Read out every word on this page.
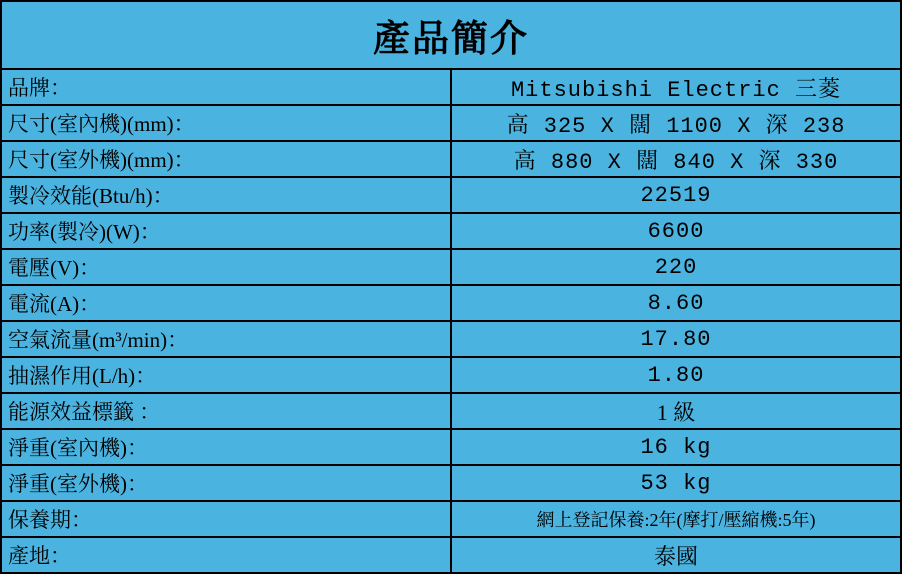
產品簡介	
品牌：	Mitsubishi Electric 三菱
尺寸(室內機)(mm)：	高 325 X 闊 1100 X 深 238
尺寸(室外機)(mm)：	高 880 X 闊 840 X 深 330
製冷效能(Btu/h)：	22519
功率(製冷)(W)：	6600
電壓(V)：	220
電流(A)：	8.60
空氣流量(m³/min)：	17.80
抽濕作用(L/h)：	1.80
能源效益標籤 ：	1 級
淨重(室內機)：	16 kg
淨重(室外機)：	53 kg
保養期：	網上登記保養:2年(摩打/壓縮機:5年)
產地：	泰國
